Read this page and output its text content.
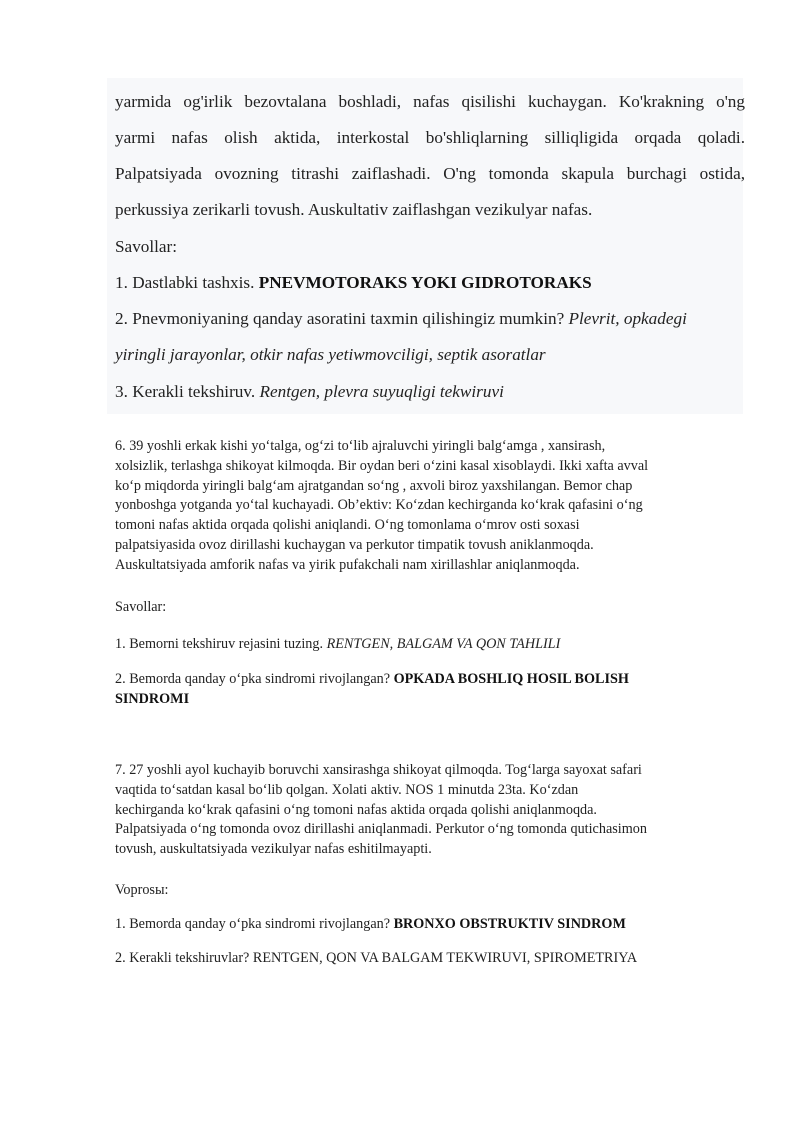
yarmida og'irlik bezovtalana boshladi, nafas qisilishi kuchaygan. Ko'krakning o'ng

yarmi nafas olish aktida, interkostal bo'shliqlarning silliqligida orqada qoladi.

Palpatsiyada ovozning titrashi zaiflashadi. O'ng tomonda skapula burchagi ostida,

perkussiya zerikarli tovush. Auskultativ zaiflashgan vezikulyar nafas.

Savollar:

1. Dastlabki tashxis. PNEVMOTORAKS YOKI GIDROTORAKS

2. Pnevmoniyaning qanday asoratini taxmin qilishingiz mumkin? Plevrit, opkadegi

yiringli jarayonlar, otkir nafas yetiwmovciligi, septik asoratlar

3. Kerakli tekshiruv. Rentgen, plevra suyuqligi tekwiruvi

6. 39 yoshli erkak kishi yo‘talga, og‘zi to‘lib ajraluvchi yiringli balg‘amga , xansirash,
xolsizlik, terlashga shikoyat kilmoqda. Bir oydan beri o‘zini kasal xisoblaydi. Ikki xafta avval
ko‘p miqdorda yiringli balg‘am ajratgandan so‘ng , axvoli biroz yaxshilangan. Bemor chap
yonboshga yotganda yo‘tal kuchayadi. Ob’ektiv: Ko‘zdan kechirganda ko‘krak qafasini o‘ng
tomoni nafas aktida orqada qolishi aniqlandi. O‘ng tomonlama o‘mrov osti soxasi
palpatsiyasida ovoz dirillashi kuchaygan va perkutor timpatik tovush aniklanmoqda.
Auskultatsiyada amforik nafas va yirik pufakchali nam xirillashlar aniqlanmoqda.

Savollar:

1. Bemorni tekshiruv rejasini tuzing. RENTGEN, BALGAM VA QON TAHLILI

2. Bemorda qanday o‘pka sindromi rivojlangan? OPKADA BOSHLIQ HOSIL BOLISH

SINDROMI

7. 27 yoshli ayol kuchayib boruvchi xansirashga shikoyat qilmoqda. Tog‘larga sayoxat safari
vaqtida to‘satdan kasal bo‘lib qolgan. Xolati aktiv. NOS 1 minutda 23ta. Ko‘zdan
kechirganda ko‘krak qafasini o‘ng tomoni nafas aktida orqada qolishi aniqlanmoqda.
Palpatsiyada o‘ng tomonda ovoz dirillashi aniqlanmadi. Perkutor o‘ng tomonda qutichasimon
tovush, auskultatsiyada vezikulyar nafas eshitilmayapti.

Voprosы:

1. Bemorda qanday o‘pka sindromi rivojlangan? BRONXO OBSTRUKTIV SINDROM

2. Kerakli tekshiruvlar? RENTGEN, QON VA BALGAM TEKWIRUVI, SPIROMETRIYA
